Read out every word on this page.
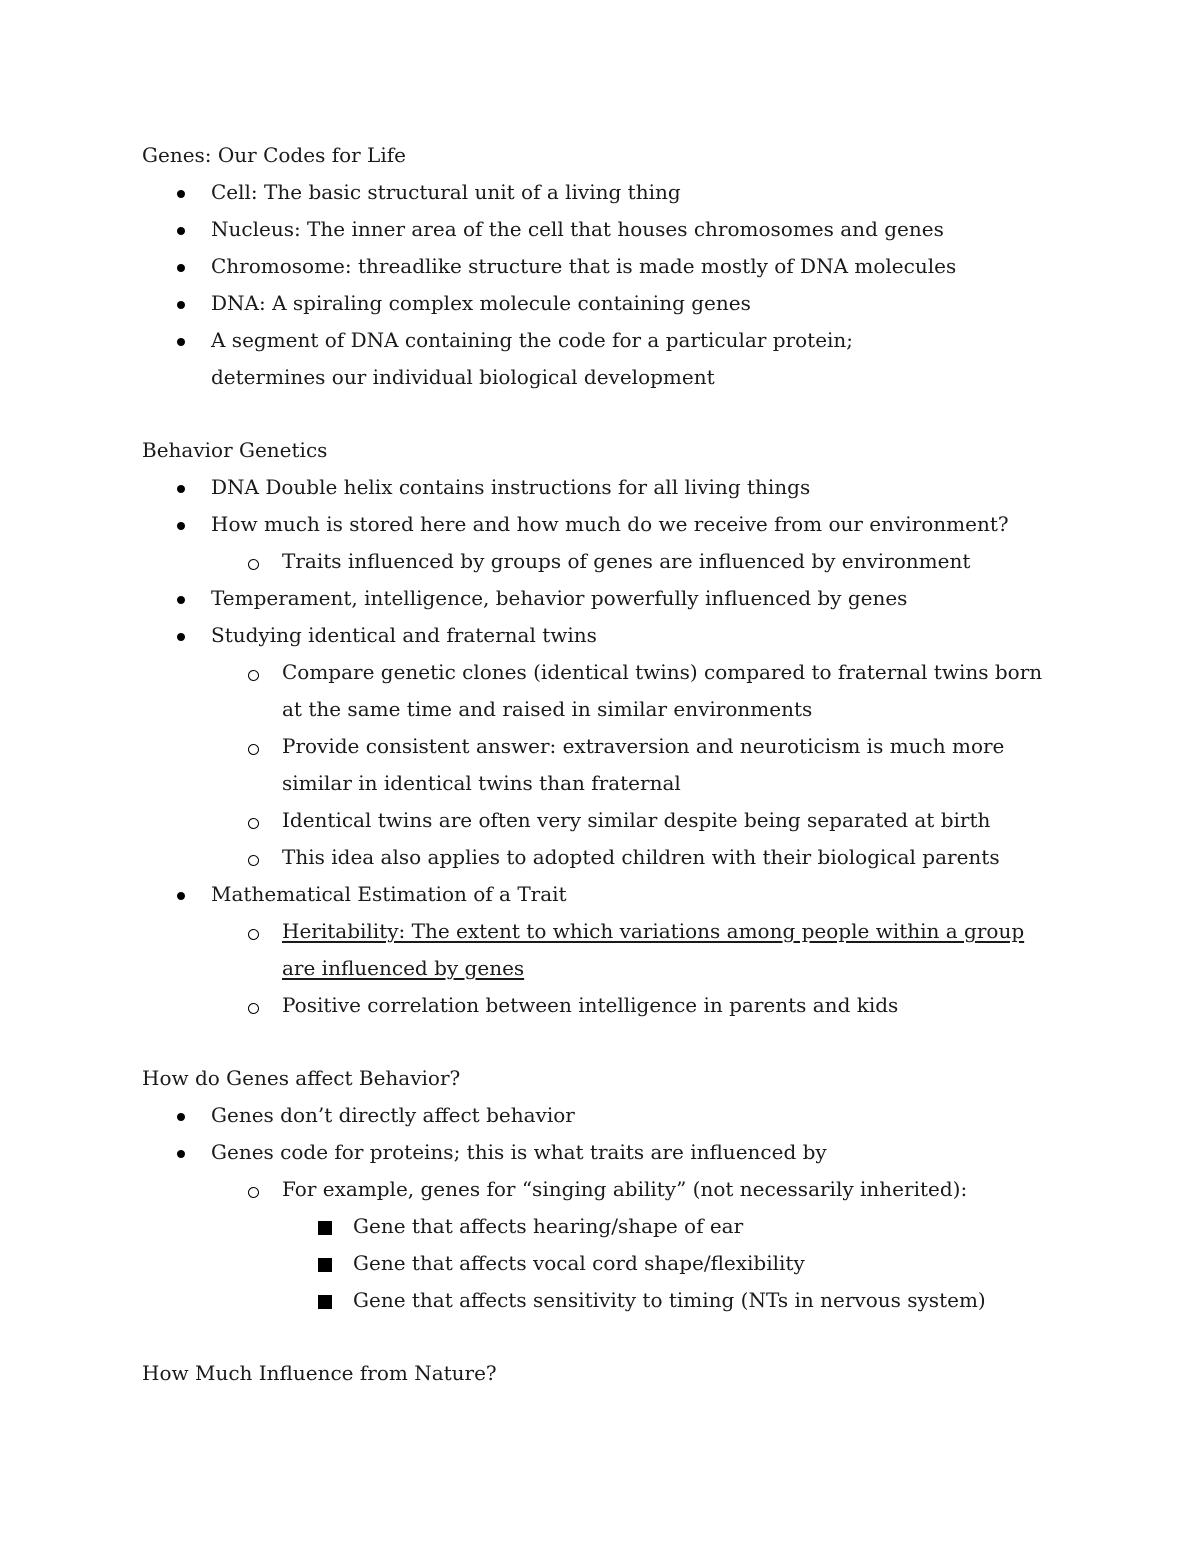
Genes: Our Codes for Life
Cell: The basic structural unit of a living thing
Nucleus: The inner area of the cell that houses chromosomes and genes
Chromosome: threadlike structure that is made mostly of DNA molecules
DNA: A spiraling complex molecule containing genes
A segment of DNA containing the code for a particular protein; determines our individual biological development
Behavior Genetics
DNA Double helix contains instructions for all living things
How much is stored here and how much do we receive from our environment?
Traits influenced by groups of genes are influenced by environment
Temperament, intelligence, behavior powerfully influenced by genes
Studying identical and fraternal twins
Compare genetic clones (identical twins) compared to fraternal twins born at the same time and raised in similar environments
Provide consistent answer: extraversion and neuroticism is much more similar in identical twins than fraternal
Identical twins are often very similar despite being separated at birth
This idea also applies to adopted children with their biological parents
Mathematical Estimation of a Trait
Heritability: The extent to which variations among people within a group are influenced by genes
Positive correlation between intelligence in parents and kids
How do Genes affect Behavior?
Genes don’t directly affect behavior
Genes code for proteins; this is what traits are influenced by
For example, genes for “singing ability” (not necessarily inherited):
Gene that affects hearing/shape of ear
Gene that affects vocal cord shape/flexibility
Gene that affects sensitivity to timing (NTs in nervous system)
How Much Influence from Nature?
